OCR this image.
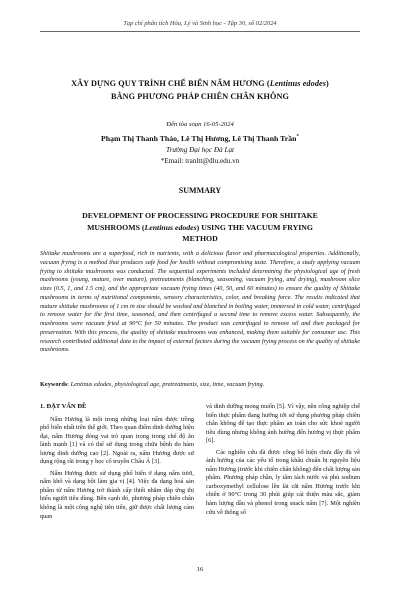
Tạp chí phân tích Hóa, Lý và Sinh học - Tập 30, số 02/2024
XÂY DỰNG QUY TRÌNH CHẾ BIẾN NẤM HƯƠNG (Lentinus edodes)
BẰNG PHƯƠNG PHÁP CHIÊN CHÂN KHÔNG
Đến tòa soạn 16-05-2024
Phạm Thị Thanh Thảo, Lê Thị Hương, Lê Thị Thanh Trần*
Trường Đại học Đà Lạt
*Email: tranltt@dlu.edu.vn
SUMMARY
DEVELOPMENT OF PROCESSING PROCEDURE FOR SHIITAKE
MUSHROOMS (Lentinus edodes) USING THE VACUUM FRYING
METHOD
Shiitake mushrooms are a superfood, rich in nutrients, with a delicious flavor and pharmacological properties. Additionally, vacuum frying is a method that produces safe food for health without compromising taste. Therefore, a study applying vacuum frying to shiitake mushrooms was conducted. The sequential experiments included determining the physiological age of fresh mushrooms (young, mature, over mature), pretreatments (blanching, seasoning, vacuum frying, and drying), mushroom slice sizes (0.5, 1, and 1.5 cm), and the appropriate vacuum frying times (40, 50, and 60 minutes) to ensure the quality of Shiitake mushrooms in terms of nutritional components, sensory characteristics, color, and breaking force. The results indicated that mature shiitake mushrooms of 1 cm in size should be washed and blanched in boiling water, immersed in cold water, centrifuged to remove water for the first time, seasoned, and then centrifuged a second time to remove excess water. Subsequently, the mushrooms were vacuum fried at 90°C for 50 minutes. The product was centrifuged to remove oil and then packaged for preservation. With this process, the quality of shiitake mushrooms was enhanced, making them suitable for consumer use. This research contributed additional data to the impact of external factors during the vacuum frying process on the quality of shiitake mushrooms.
Keywords: Lentinus edodes, physiological age, pretreatments, size, time, vacuum frying.
1. ĐẶT VẤN ĐỀ

Nấm Hương là một trong những loại nấm được trồng phổ biến nhất trên thế giới. Theo quan điểm dinh dưỡng hiện đại, nấm Hương đóng vai trò quan trọng trong chế độ ăn lành mạnh [1] và có thể sử dụng trong chữa bệnh do hàm lượng dinh dưỡng cao [2]. Ngoài ra, nấm Hương được sử dụng rộng rãi trong y học cổ truyền Châu Á [3].

Nấm Hương được sử dụng phổ biến ở dạng nấm tươi, nấm khô và dạng bột làm gia vị [4]. Việc đa dạng hoá sản phẩm từ nấm Hương trở thành cấp thiết nhằm đáp ứng thị hiếu người tiêu dùng. Bên cạnh đó, phương pháp chiên chân không là một công nghệ tiên tiến, giữ được chất lượng cảm quan

và dinh dưỡng mong muốn [5]. Vì vậy, nền công nghiệp chế biến thực phẩm đang hướng tới sử dụng phương pháp chiên chân không để tạo thực phẩm an toàn cho sức khoẻ người tiêu dùng nhưng không ảnh hưởng đến hương vị thực phẩm [6].

Các nghiên cứu đã được công bố hiện chưa đầy đủ về ảnh hưởng của các yếu tố trong khâu chuẩn bị nguyên liệu nấm Hương (trước khi chiên chân không) đến chất lượng sản phẩm. Phương pháp chần, ly tâm tách nước và phủ sodium carboxymethyl cellulose lên lát cắt nấm Hương trước khi chiên ở 90°C trong 30 phút giúp cải thiện màu sắc, giảm hàm lượng dầu và phenol trong snack nấm [7]. Một nghiên cứu về thông số

16
